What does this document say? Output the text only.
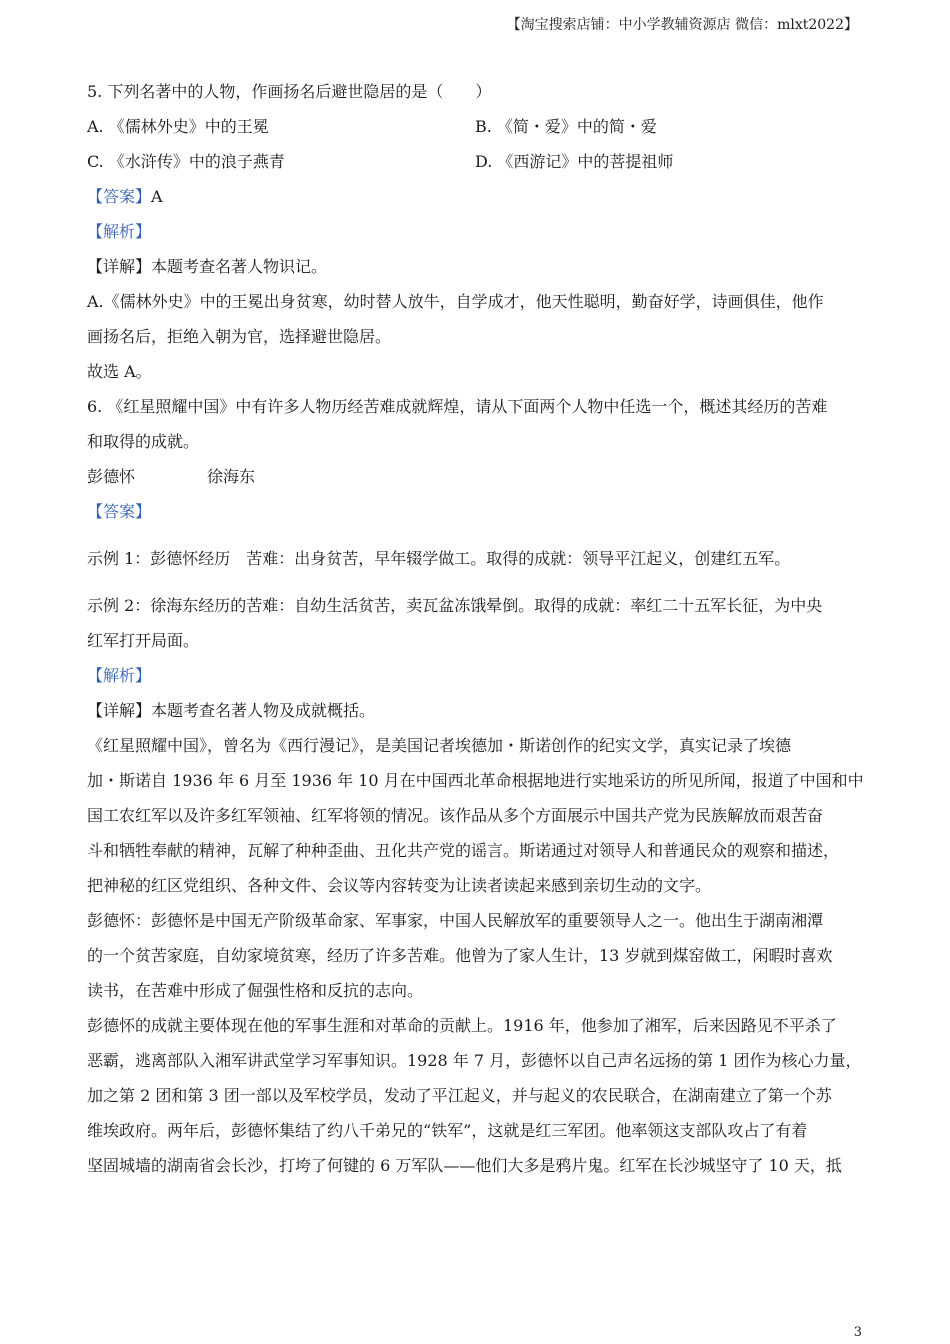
【淘宝搜索店铺：中小学教辅资源店 微信：mlxt2022】
5. 下列名著中的人物，作画扬名后避世隐居的是（　　）
A. 《儒林外史》中的王冕	B. 《简・爱》中的简・爱
C. 《水浒传》中的浪子燕青	D. 《西游记》中的菩提祖师
【答案】A
【解析】
【详解】本题考查名著人物识记。
A.《儒林外史》中的王冕出身贫寒，幼时替人放牛，自学成才，他天性聪明，勤奋好学，诗画俱佳，他作
画扬名后，拒绝入朝为官，选择避世隐居。
故选 A。
6. 《红星照耀中国》中有许多人物历经苦难成就辉煌，请从下面两个人物中任选一个，概述其经历的苦难
和取得的成就。
彭德怀	徐海东
【答案】
示例 1：彭德怀经历　苦难：出身贫苦，早年辍学做工。取得的成就：领导平江起义，创建红五军。
示例 2：徐海东经历的苦难：自幼生活贫苦，卖瓦盆冻饿晕倒。取得的成就：率红二十五军长征，为中央
红军打开局面。
【解析】
【详解】本题考查名著人物及成就概括。
《红星照耀中国》，曾名为《西行漫记》，是美国记者埃德加・斯诺创作的纪实文学，真实记录了埃德
加・斯诺自 1936 年 6 月至 1936 年 10 月在中国西北革命根据地进行实地采访的所见所闻，报道了中国和中
国工农红军以及许多红军领袖、红军将领的情况。该作品从多个方面展示中国共产党为民族解放而艰苦奋
斗和牺牲奉献的精神，瓦解了种种歪曲、丑化共产党的谣言。斯诺通过对领导人和普通民众的观察和描述，
把神秘的红区党组织、各种文件、会议等内容转变为让读者读起来感到亲切生动的文字。
彭德怀：彭德怀是中国无产阶级革命家、军事家，中国人民解放军的重要领导人之一。他出生于湖南湘潭
的一个贫苦家庭，自幼家境贫寒，经历了许多苦难。他曾为了家人生计，13 岁就到煤窑做工，闲暇时喜欢
读书，在苦难中形成了倔强性格和反抗的志向。
彭德怀的成就主要体现在他的军事生涯和对革命的贡献上。1916 年，他参加了湘军，后来因路见不平杀了
恶霸，逃离部队入湘军讲武堂学习军事知识。1928 年 7 月，彭德怀以自己声名远扬的第 1 团作为核心力量，
加之第 2 团和第 3 团一部以及军校学员，发动了平江起义，并与起义的农民联合，在湖南建立了第一个苏
维埃政府。两年后，彭德怀集结了约八千弟兄的“铁军”，这就是红三军团。他率领这支部队攻占了有着
坚固城墙的湖南省会长沙，打垮了何键的 6 万军队——他们大多是鸦片鬼。红军在长沙城坚守了 10 天，抵
3
